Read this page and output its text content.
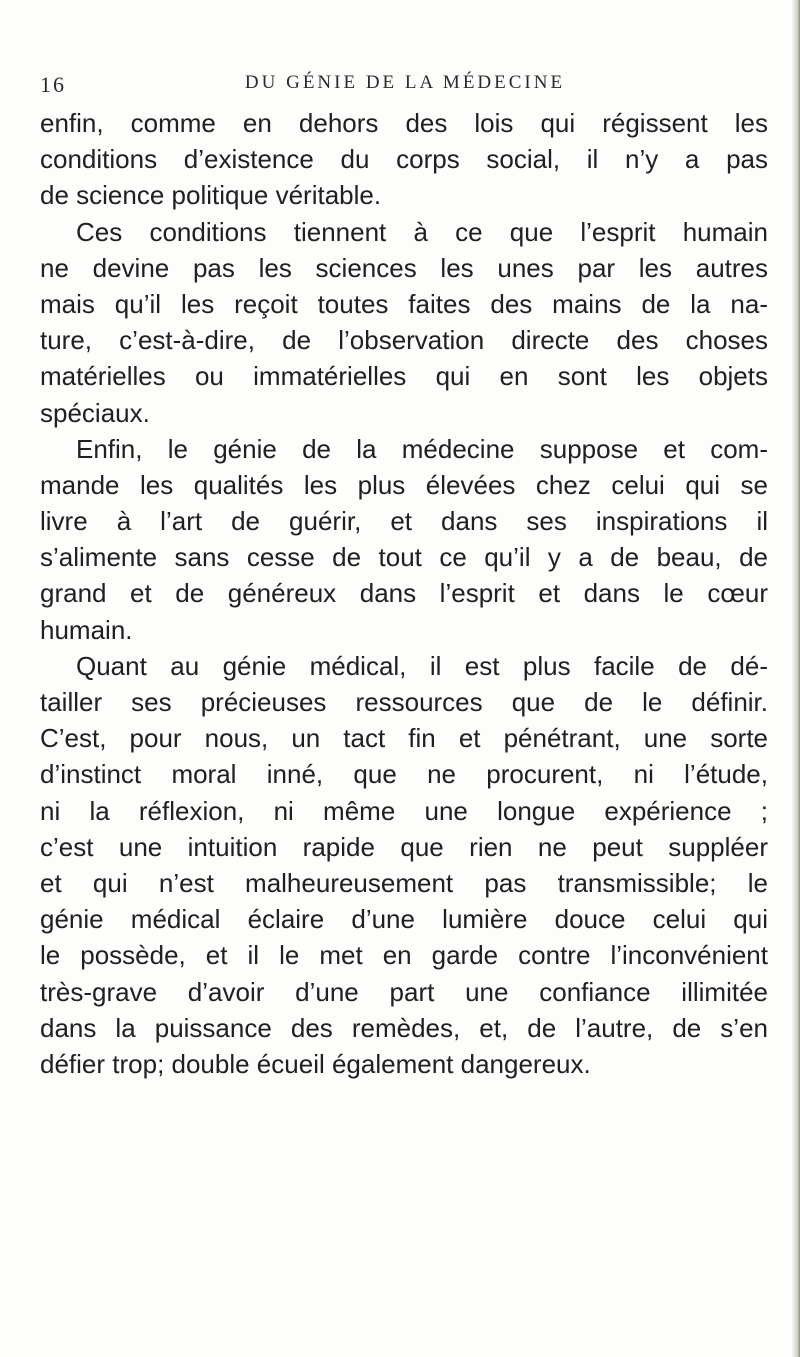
16	DU GÉNIE DE LA MÉDECINE
enfin, comme en dehors des lois qui régissent les
conditions d’existence du corps social, il n’y a pas
de science politique véritable.
Ces conditions tiennent à ce que l’esprit humain
ne devine pas les sciences les unes par les autres
mais qu’il les reçoit toutes faites des mains de la na-
ture, c’est-à-dire, de l’observation directe des choses
matérielles ou immatérielles qui en sont les objets
spéciaux.
Enfin, le génie de la médecine suppose et com-
mande les qualités les plus élevées chez celui qui se
livre à l’art de guérir, et dans ses inspirations il
s’alimente sans cesse de tout ce qu’il y a de beau, de
grand et de généreux dans l’esprit et dans le cœur
humain.
Quant au génie médical, il est plus facile de dé-
tailler ses précieuses ressources que de le définir.
C’est, pour nous, un tact fin et pénétrant, une sorte
d’instinct moral inné, que ne procurent, ni l’étude,
ni la réflexion, ni même une longue expérience ;
c’est une intuition rapide que rien ne peut suppléer
et qui n’est malheureusement pas transmissible; le
génie médical éclaire d’une lumière douce celui qui
le possède, et il le met en garde contre l’inconvénient
très-grave d’avoir d’une part une confiance illimitée
dans la puissance des remèdes, et, de l’autre, de s’en
défier trop; double écueil également dangereux.
